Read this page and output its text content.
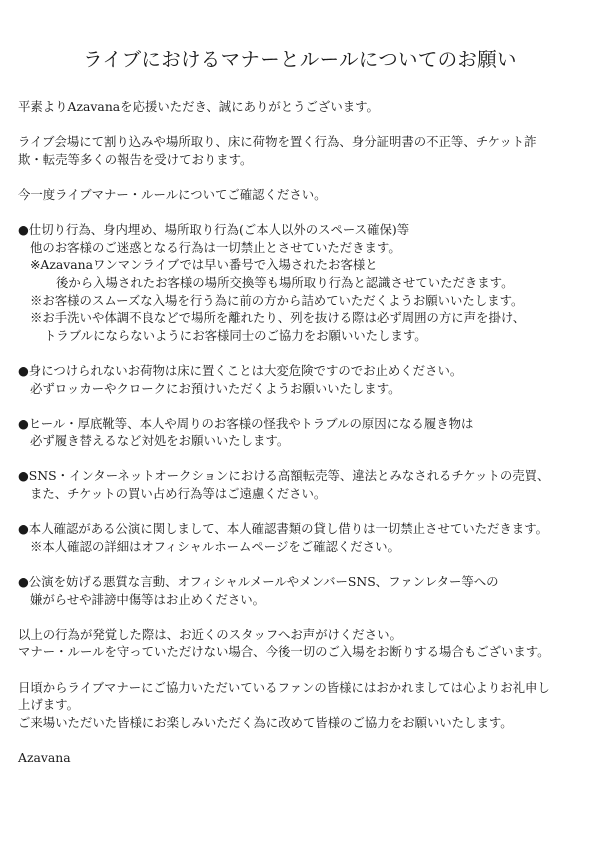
ライブにおけるマナーとルールについてのお願い
平素よりAzavanaを応援いただき、誠にありがとうございます。
ライブ会場にて割り込みや場所取り、床に荷物を置く行為、身分証明書の不正等、チケット詐
欺・転売等多くの報告を受けております。
今一度ライブマナー・ルールについてご確認ください。
●仕切り行為、身内埋め、場所取り行為(ご本人以外のスペース確保)等
他のお客様のご迷惑となる行為は一切禁止とさせていただきます。
※Azavanaワンマンライブでは早い番号で入場されたお客様と
後から入場されたお客様の場所交換等も場所取り行為と認識させていただきます。
※お客様のスムーズな入場を行う為に前の方から詰めていただくようお願いいたします。
※お手洗いや体調不良などで場所を離れたり、列を抜ける際は必ず周囲の方に声を掛け、
トラブルにならないようにお客様同士のご協力をお願いいたします。
●身につけられないお荷物は床に置くことは大変危険ですのでお止めください。
必ずロッカーやクロークにお預けいただくようお願いいたします。
●ヒール・厚底靴等、本人や周りのお客様の怪我やトラブルの原因になる履き物は
必ず履き替えるなど対処をお願いいたします。
●SNS・インターネットオークションにおける高額転売等、違法とみなされるチケットの売買、
また、チケットの買い占め行為等はご遠慮ください。
●本人確認がある公演に関しまして、本人確認書類の貸し借りは一切禁止させていただきます。
※本人確認の詳細はオフィシャルホームページをご確認ください。
●公演を妨げる悪質な言動、オフィシャルメールやメンバーSNS、ファンレター等への
嫌がらせや誹謗中傷等はお止めください。
以上の行為が発覚した際は、お近くのスタッフへお声がけください。
マナー・ルールを守っていただけない場合、今後一切のご入場をお断りする場合もございます。
日頃からライブマナーにご協力いただいているファンの皆様にはおかれましては心よりお礼申し
上げます。
ご来場いただいた皆様にお楽しみいただく為に改めて皆様のご協力をお願いいたします。
Azavana
